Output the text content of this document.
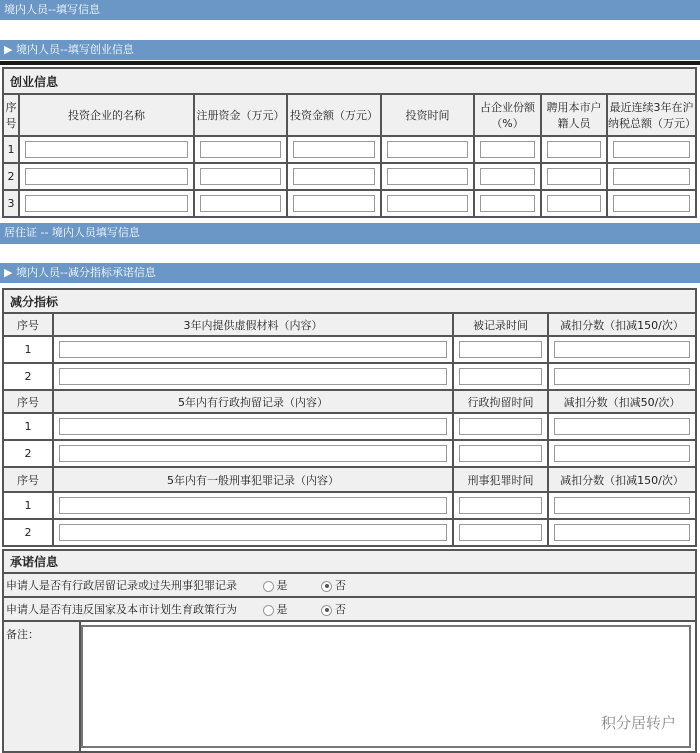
境内人员--填写信息
▶ 境内人员--填写创业信息
创业信息							
序号	投资企业的名称	注册资金（万元）	投资金额（万元）	投资时间	占企业份额（%）	聘用本市户籍人员	最近连续3年在沪纳税总额（万元）
1							
2							
3							
居住证 -- 境内人员填写信息
▶ 境内人员--减分指标承诺信息
减分指标			
序号	3年内提供虚假材料（内容）	被记录时间	减扣分数（扣减150/次）
1			
2			
序号	5年内有行政拘留记录（内容）	行政拘留时间	减扣分数（扣减50/次）
1			
2			
序号	5年内有一般刑事犯罪记录（内容）	刑事犯罪时间	减扣分数（扣减150/次）
1			
2			
承诺信息
申请人是否有行政居留记录或过失刑事犯罪记录	是	否
申请人是否有违反国家及本市计划生育政策行为	是	否
备注：	
积分居转户
